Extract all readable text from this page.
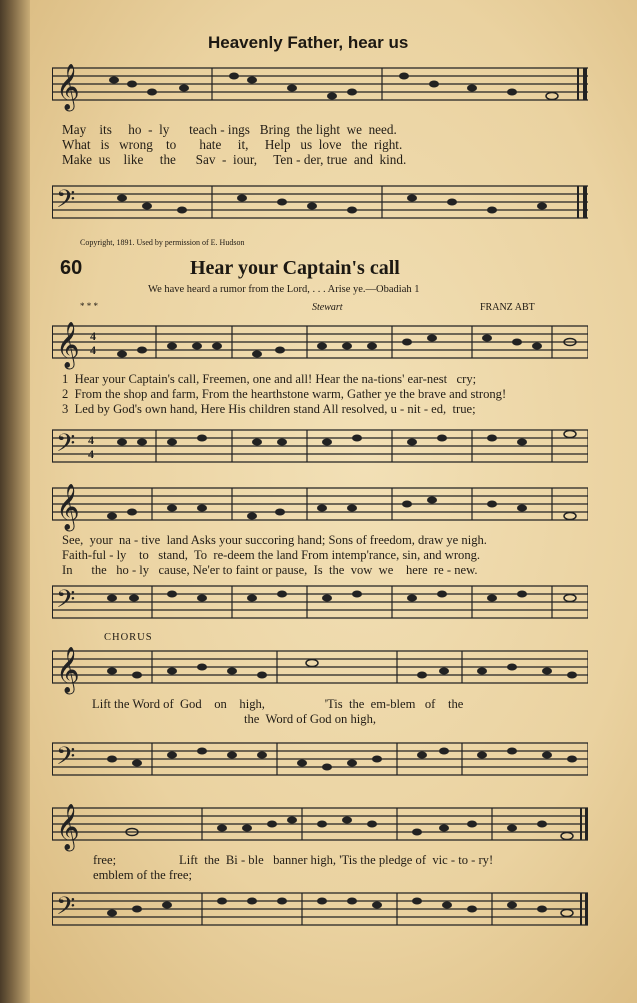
Heavenly Father, hear us
𝄞
May    its     ho  -  ly      teach - ings   Bring  the light  we  need.
What   is   wrong    to       hate     it,     Help   us  love   the  right.
Make  us    like     the      Sav  -  iour,     Ten - der, true  and  kind.
𝄢
Copyright, 1891. Used by permission of E. Hudson
60	Hear your Captain's call
We have heard a rumor from the Lord, . . . Arise ye.—Obadiah 1
* * *	Stewart	FRANZ ABT
𝄞 4
4
1  Hear your Captain's call, Freemen, one and all! Hear the na-tions' ear-nest   cry;
2  From the shop and farm, From the hearthstone warm, Gather ye the brave and strong!
3  Led by God's own hand, Here His children stand All resolved, u - nit - ed,  true;
𝄢 4
4
𝄞
See,  your  na - tive  land Asks your succoring hand; Sons of freedom, draw ye nigh.
Faith-ful - ly    to   stand,  To  re-deem the land From intemp'rance, sin, and wrong.
In      the   ho - ly   cause, Ne'er to faint or pause,  Is  the  vow  we    here  re - new.
𝄢
CHORUS
𝄞
Lift the Word of  God    on    high,                   'Tis  the  em-blem   of    the
the  Word of God on high,
𝄢
𝄞
free;                    Lift  the  Bi - ble   banner high, 'Tis the pledge of  vic - to - ry!
emblem of the free;
𝄢
